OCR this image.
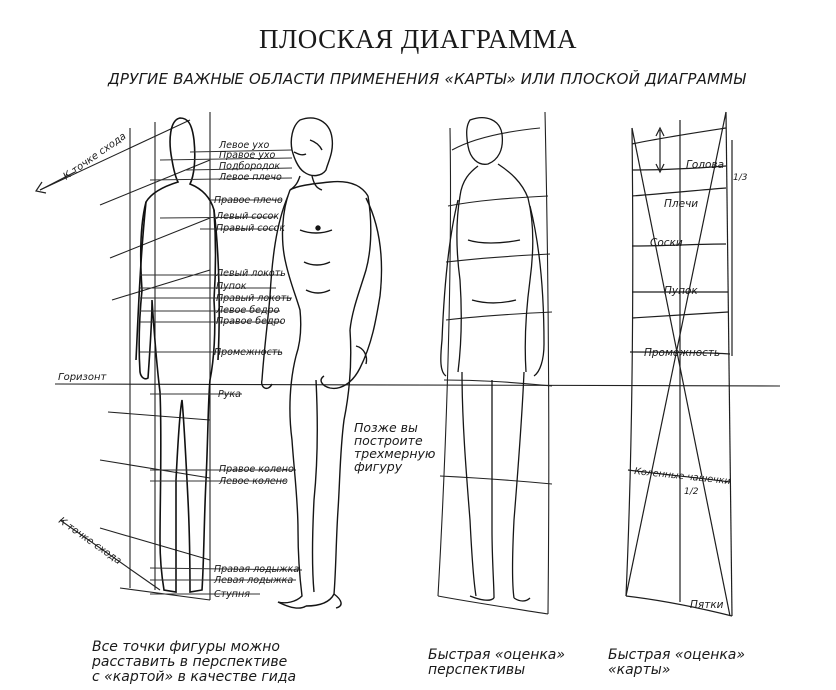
ПЛОСКАЯ ДИАГРАММА
ДРУГИЕ ВАЖНЫЕ ОБЛАСТИ ПРИМЕНЕНИЯ «КАРТЫ» ИЛИ ПЛОСКОЙ ДИАГРАММЫ
К точке схода
К точке схода
Горизонт
Левое ухо
Правое ухо
Подбородок
Левое плечо
Правое плечо
Левый сосок
Правый сосок
Левый локоть
Пупок
Правый локоть
Левое бедро
Правое бедро
Промежность
Рука
Правое колено
Левое колено
Правая лодыжка
Левая лодыжка
Ступня
Позже вы
построите
трехмерную
фигуру
Голова
1/3
Плечи
Соски
Пупок
Промежность
Коленные чашечки
1/2
Пятки
Все точки фигуры можно
расставить в перспективе
с «картой» в качестве гида
Быстрая «оценка»
перспективы
Быстрая «оценка»
«карты»
